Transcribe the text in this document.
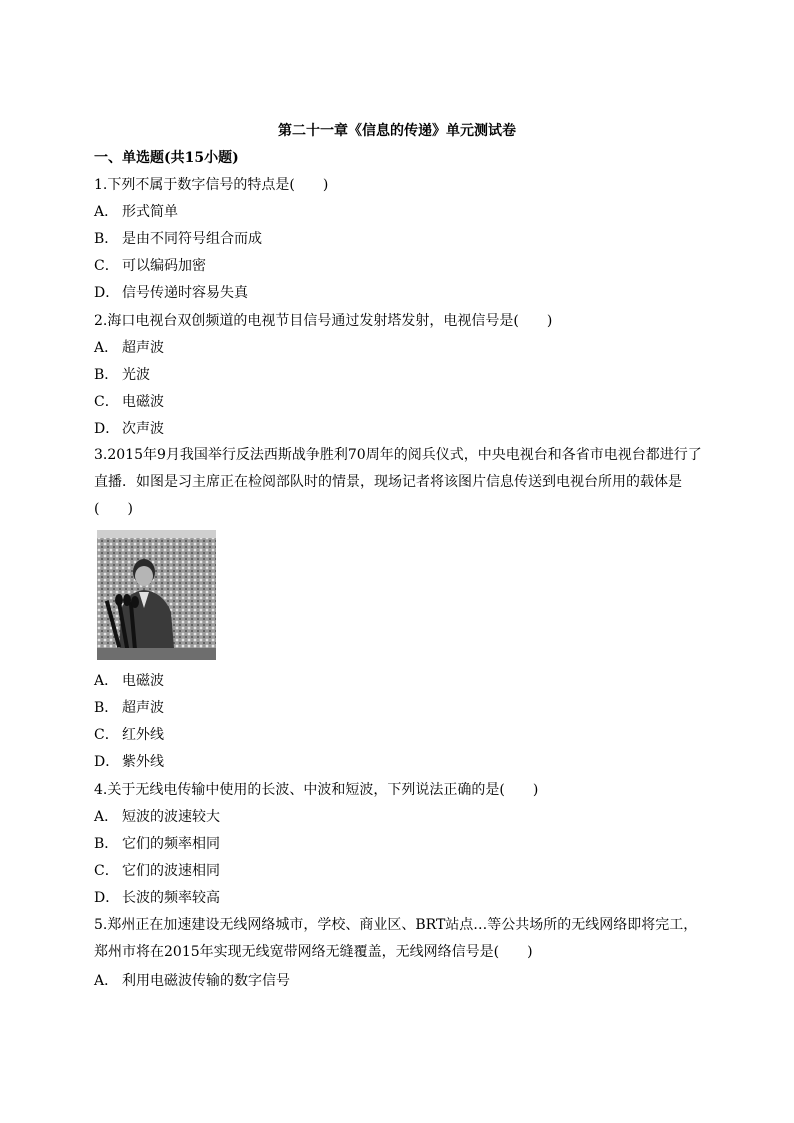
第二十一章《信息的传递》单元测试卷
一、单选题(共15小题)
1.下列不属于数字信号的特点是(　　)
A． 形式简单
B． 是由不同符号组合而成
C． 可以编码加密
D． 信号传递时容易失真
2.海口电视台双创频道的电视节目信号通过发射塔发射，电视信号是(　　)
A． 超声波
B． 光波
C． 电磁波
D． 次声波
3.2015年9月我国举行反法西斯战争胜利70周年的阅兵仪式，中央电视台和各省市电视台都进行了直播．如图是习主席正在检阅部队时的情景，现场记者将该图片信息传送到电视台所用的载体是(　　)
A． 电磁波
B． 超声波
C． 红外线
D． 紫外线
4.关于无线电传输中使用的长波、中波和短波，下列说法正确的是(　　)
A． 短波的波速较大
B． 它们的频率相同
C． 它们的波速相同
D． 长波的频率较高
5.郑州正在加速建设无线网络城市，学校、商业区、BRT站点…等公共场所的无线网络即将完工，郑州市将在2015年实现无线宽带网络无缝覆盖，无线网络信号是(　　)
A． 利用电磁波传输的数字信号
